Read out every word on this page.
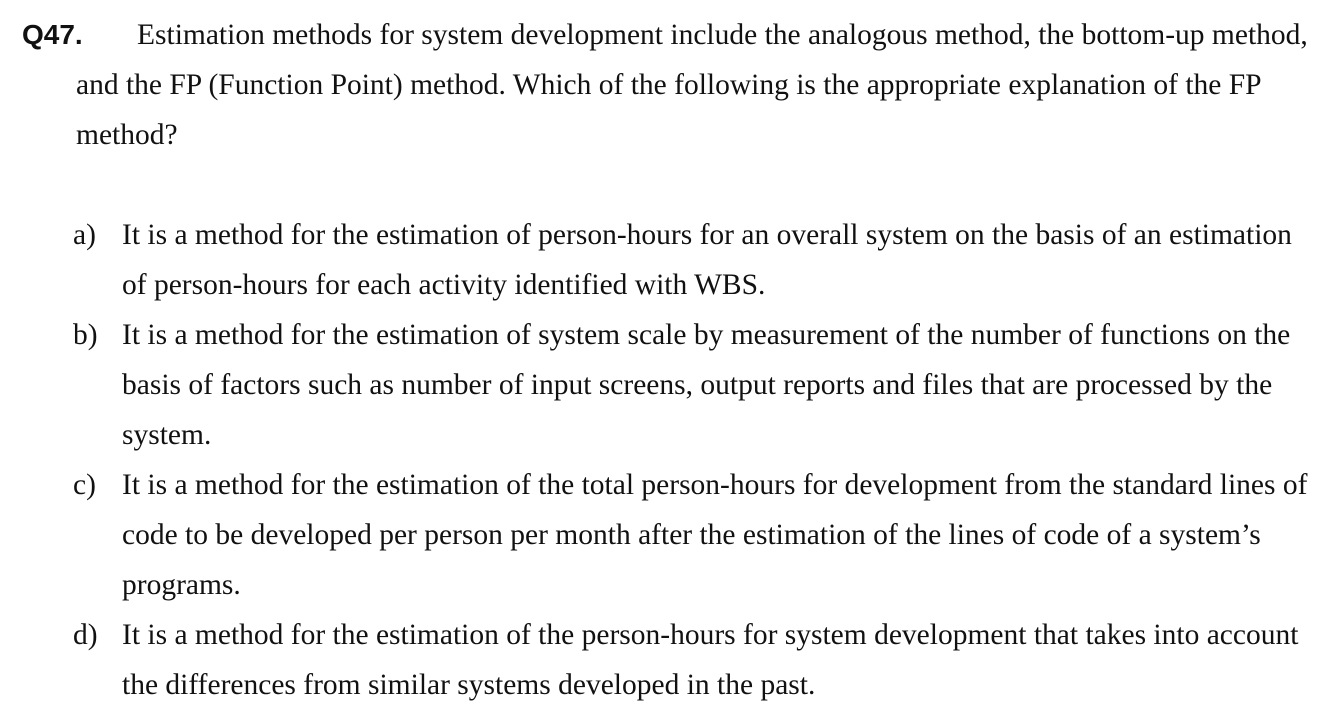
Q47.	Estimation methods for system development include the analogous method, the bottom-up method, and the FP (Function Point) method. Which of the following is the appropriate explanation of the FP method?

a) It is a method for the estimation of person-hours for an overall system on the basis of an estimation of person-hours for each activity identified with WBS.
b) It is a method for the estimation of system scale by measurement of the number of functions on the basis of factors such as number of input screens, output reports and files that are processed by the system.
c) It is a method for the estimation of the total person-hours for development from the standard lines of code to be developed per person per month after the estimation of the lines of code of a system’s programs.
d) It is a method for the estimation of the person-hours for system development that takes into account the differences from similar systems developed in the past.
